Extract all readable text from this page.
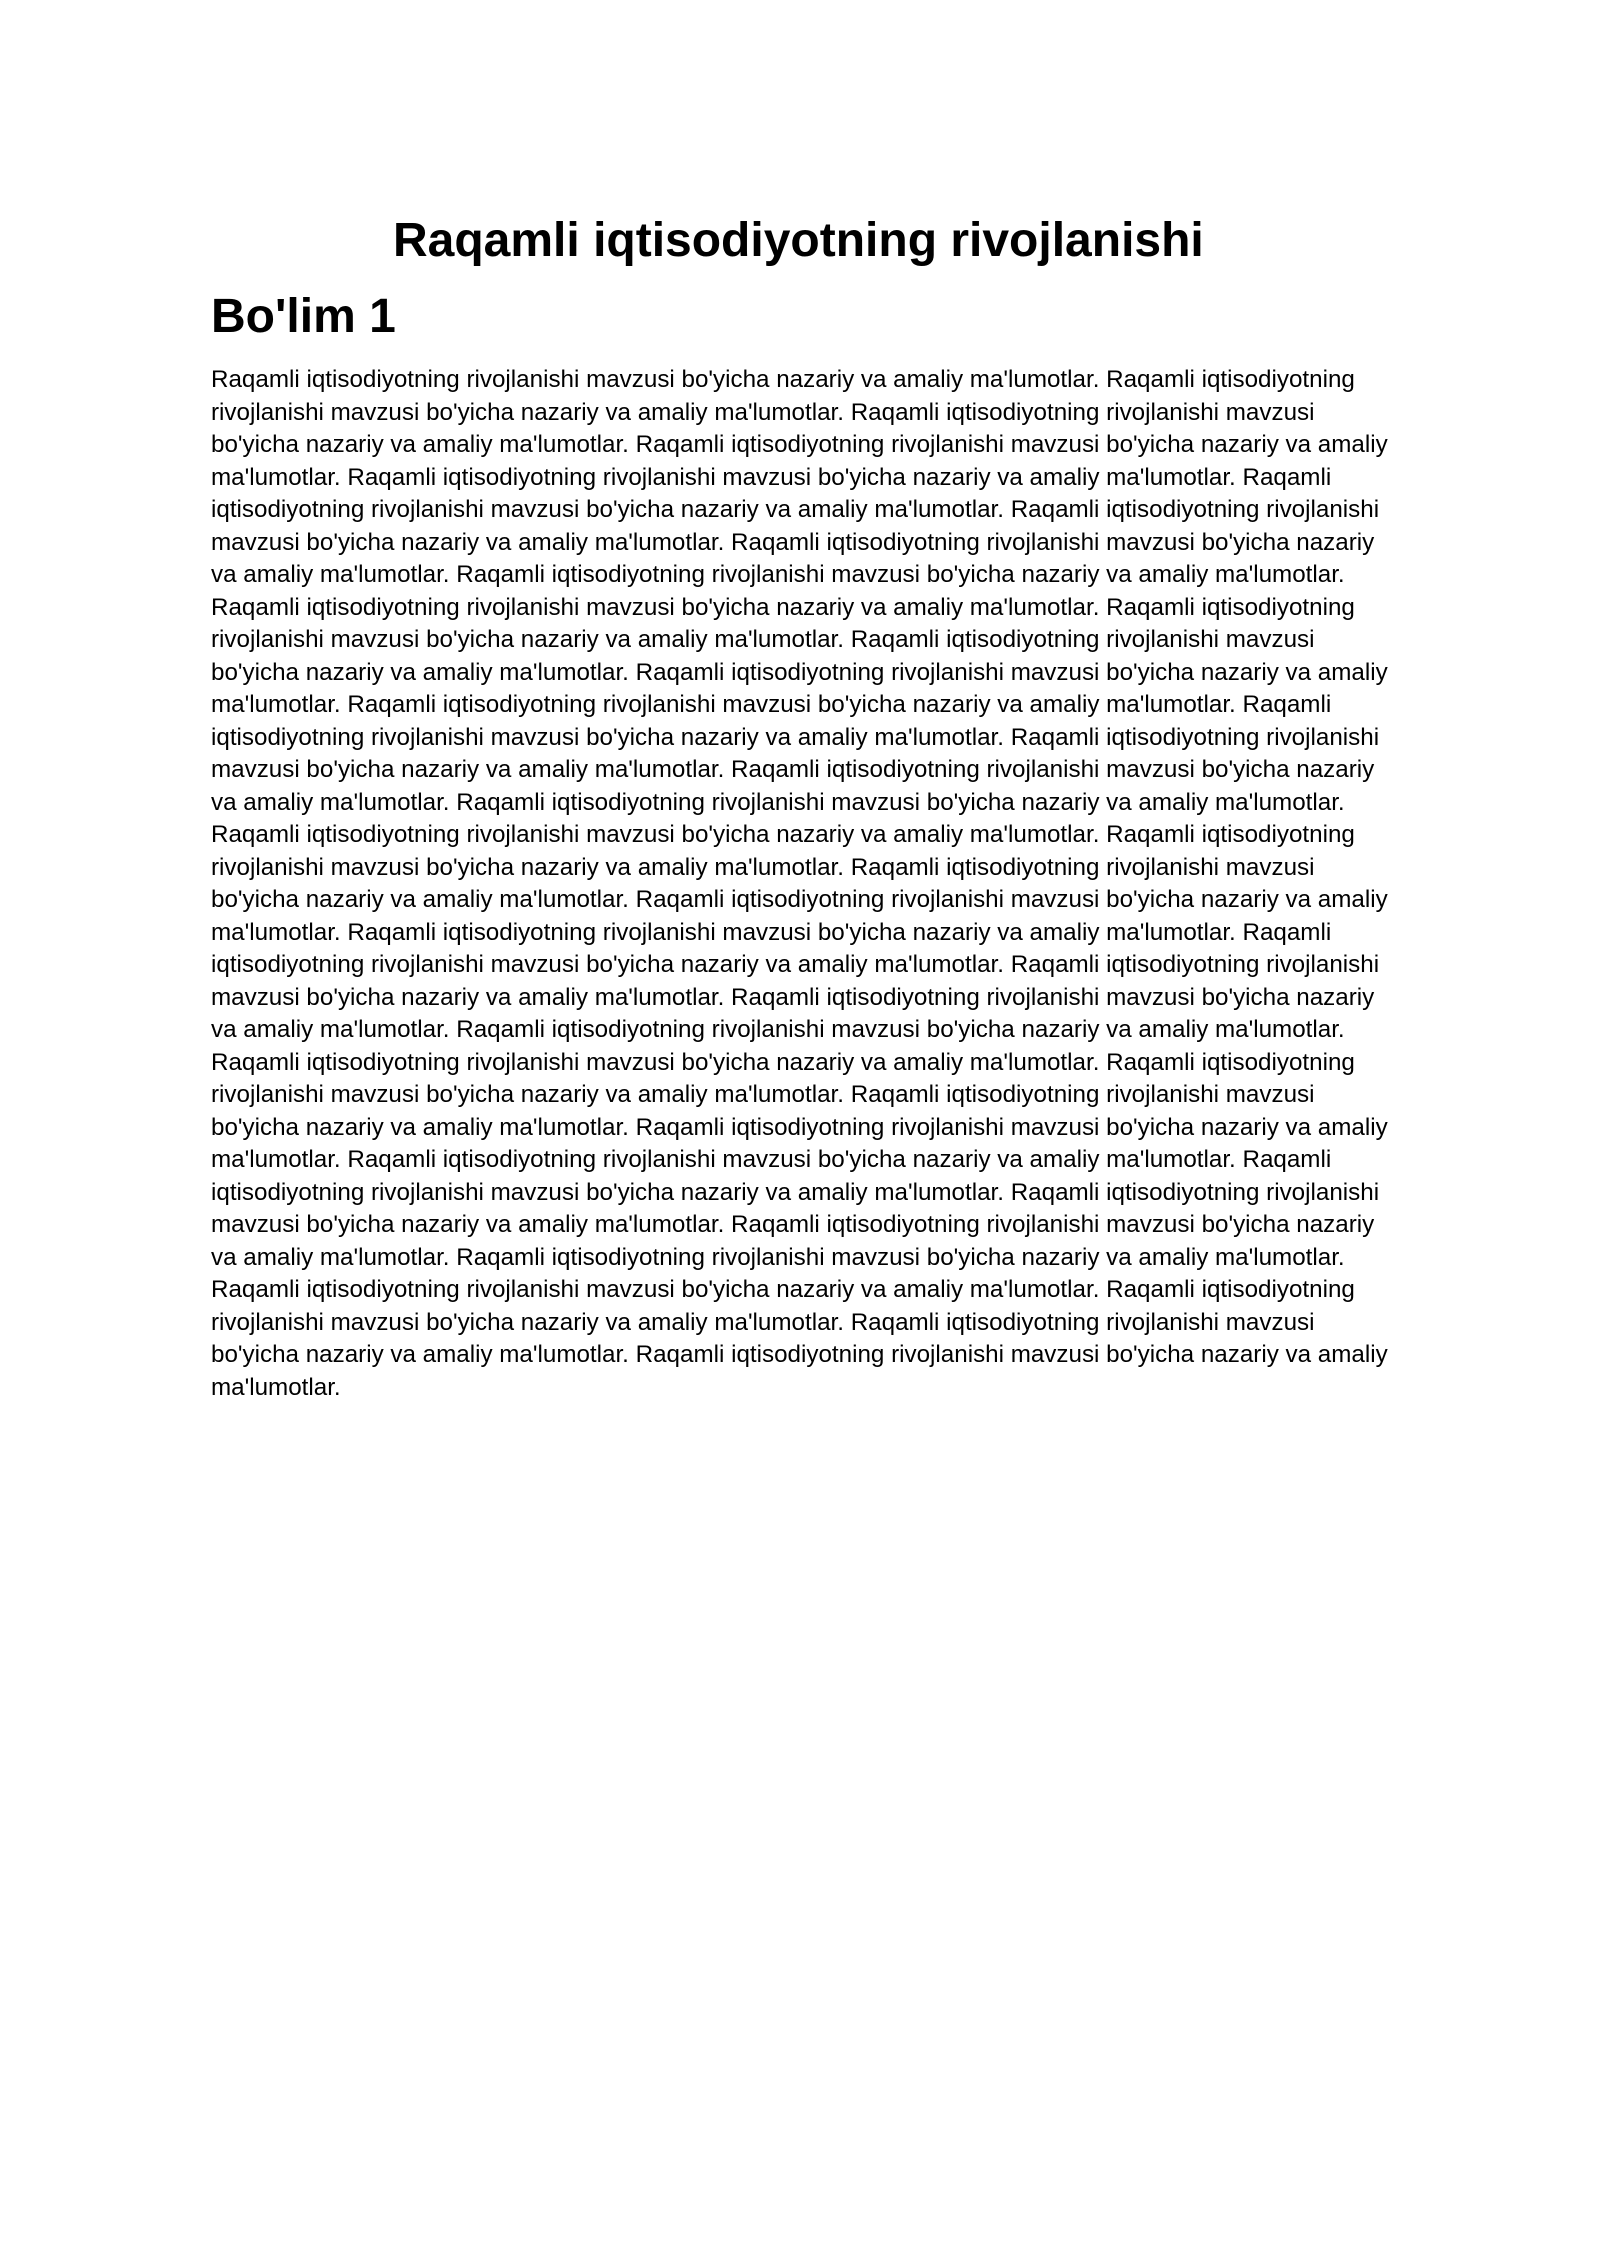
Raqamli iqtisodiyotning rivojlanishi
Bo'lim 1

Raqamli iqtisodiyotning rivojlanishi mavzusi bo'yicha nazariy va amaliy ma'lumotlar. Raqamli iqtisodiyotning rivojlanishi mavzusi bo'yicha nazariy va amaliy ma'lumotlar. Raqamli iqtisodiyotning rivojlanishi mavzusi bo'yicha nazariy va amaliy ma'lumotlar. Raqamli iqtisodiyotning rivojlanishi mavzusi bo'yicha nazariy va amaliy ma'lumotlar. Raqamli iqtisodiyotning rivojlanishi mavzusi bo'yicha nazariy va amaliy ma'lumotlar. Raqamli iqtisodiyotning rivojlanishi mavzusi bo'yicha nazariy va amaliy ma'lumotlar. Raqamli iqtisodiyotning rivojlanishi mavzusi bo'yicha nazariy va amaliy ma'lumotlar. Raqamli iqtisodiyotning rivojlanishi mavzusi bo'yicha nazariy va amaliy ma'lumotlar. Raqamli iqtisodiyotning rivojlanishi mavzusi bo'yicha nazariy va amaliy ma'lumotlar. Raqamli iqtisodiyotning rivojlanishi mavzusi bo'yicha nazariy va amaliy ma'lumotlar. Raqamli iqtisodiyotning rivojlanishi mavzusi bo'yicha nazariy va amaliy ma'lumotlar. Raqamli iqtisodiyotning rivojlanishi mavzusi bo'yicha nazariy va amaliy ma'lumotlar. Raqamli iqtisodiyotning rivojlanishi mavzusi bo'yicha nazariy va amaliy ma'lumotlar. Raqamli iqtisodiyotning rivojlanishi mavzusi bo'yicha nazariy va amaliy ma'lumotlar. Raqamli iqtisodiyotning rivojlanishi mavzusi bo'yicha nazariy va amaliy ma'lumotlar. Raqamli iqtisodiyotning rivojlanishi mavzusi bo'yicha nazariy va amaliy ma'lumotlar. Raqamli iqtisodiyotning rivojlanishi mavzusi bo'yicha nazariy va amaliy ma'lumotlar. Raqamli iqtisodiyotning rivojlanishi mavzusi bo'yicha nazariy va amaliy ma'lumotlar. Raqamli iqtisodiyotning rivojlanishi mavzusi bo'yicha nazariy va amaliy ma'lumotlar. Raqamli iqtisodiyotning rivojlanishi mavzusi bo'yicha nazariy va amaliy ma'lumotlar. Raqamli iqtisodiyotning rivojlanishi mavzusi bo'yicha nazariy va amaliy ma'lumotlar. Raqamli iqtisodiyotning rivojlanishi mavzusi bo'yicha nazariy va amaliy ma'lumotlar. Raqamli iqtisodiyotning rivojlanishi mavzusi bo'yicha nazariy va amaliy ma'lumotlar. Raqamli iqtisodiyotning rivojlanishi mavzusi bo'yicha nazariy va amaliy ma'lumotlar. Raqamli iqtisodiyotning rivojlanishi mavzusi bo'yicha nazariy va amaliy ma'lumotlar. Raqamli iqtisodiyotning rivojlanishi mavzusi bo'yicha nazariy va amaliy ma'lumotlar. Raqamli iqtisodiyotning rivojlanishi mavzusi bo'yicha nazariy va amaliy ma'lumotlar. Raqamli iqtisodiyotning rivojlanishi mavzusi bo'yicha nazariy va amaliy ma'lumotlar. Raqamli iqtisodiyotning rivojlanishi mavzusi bo'yicha nazariy va amaliy ma'lumotlar. Raqamli iqtisodiyotning rivojlanishi mavzusi bo'yicha nazariy va amaliy ma'lumotlar. Raqamli iqtisodiyotning rivojlanishi mavzusi bo'yicha nazariy va amaliy ma'lumotlar. Raqamli iqtisodiyotning rivojlanishi mavzusi bo'yicha nazariy va amaliy ma'lumotlar. Raqamli iqtisodiyotning rivojlanishi mavzusi bo'yicha nazariy va amaliy ma'lumotlar. Raqamli iqtisodiyotning rivojlanishi mavzusi bo'yicha nazariy va amaliy ma'lumotlar. Raqamli iqtisodiyotning rivojlanishi mavzusi bo'yicha nazariy va amaliy ma'lumotlar. Raqamli iqtisodiyotning rivojlanishi mavzusi bo'yicha nazariy va amaliy ma'lumotlar. Raqamli iqtisodiyotning rivojlanishi mavzusi bo'yicha nazariy va amaliy ma'lumotlar. Raqamli iqtisodiyotning rivojlanishi mavzusi bo'yicha nazariy va amaliy ma'lumotlar. Raqamli iqtisodiyotning rivojlanishi mavzusi bo'yicha nazariy va amaliy ma'lumotlar. Raqamli iqtisodiyotning rivojlanishi mavzusi bo'yicha nazariy va amaliy ma'lumotlar.
